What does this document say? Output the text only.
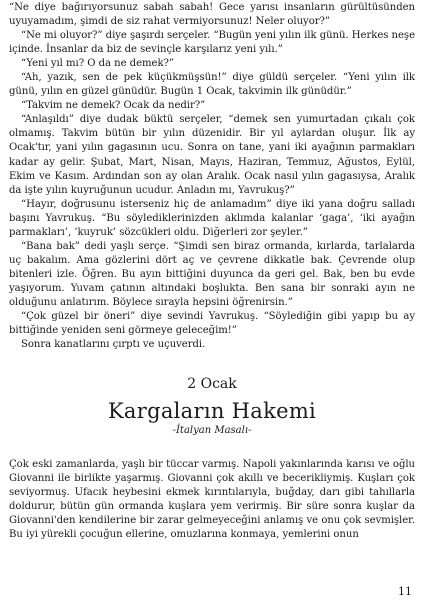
“Ne diye bağırıyorsunuz sabah sabah! Gece yarısı insanların gürültüsünden uyuyamadım, şimdi de siz rahat vermiyorsunuz! Neler oluyor?”

“Ne mi oluyor?” diye şaşırdı serçeler. “Bugün yeni yılın ilk günü. Herkes neşe içinde. İnsanlar da biz de sevinçle karşılarız yeni yılı.”

“Yeni yıl mı? O da ne demek?”

“Ah, yazık, sen de pek küçükmüşsün!” diye güldü serçeler. “Yeni yılın ilk günü, yılın en güzel günüdür. Bugün 1 Ocak, takvimin ilk günüdür.”

“Takvim ne demek? Ocak da nedir?”

“Anlaşıldı” diye dudak büktü serçeler, “demek sen yumurtadan çıkalı çok olmamış. Takvim bütün bir yılın düzenidir. Bir yıl aylardan oluşur. İlk ay Ocak'tır, yani yılın gagasının ucu. Sonra on tane, yani iki ayağının parmakları kadar ay gelir. Şubat, Mart, Nisan, Mayıs, Haziran, Temmuz, Ağustos, Eylül, Ekim ve Kasım. Ardından son ay olan Aralık. Ocak nasıl yılın gagasıysa, Aralık da işte yılın kuyruğunun ucudur. Anladın mı, Yavrukuş?”

“Hayır, doğrusunu isterseniz hiç de anlamadım” diye iki yana doğru salladı başını Yavrukuş. “Bu söylediklerinizden aklımda kalanlar ‘gaga’, ‘iki ayağın parmakları’, ‘kuyruk’ sözcükleri oldu. Diğerleri zor şeyler.”

“Bana bak” dedi yaşlı serçe. “Şimdi sen biraz ormanda, kırlarda, tarlalarda uç bakalım. Ama gözlerini dört aç ve çevrene dikkatle bak. Çevrende olup bitenleri izle. Öğren. Bu ayın bittiğini duyunca da geri gel. Bak, ben bu evde yaşıyorum. Yuvam çatının altındaki boşlukta. Ben sana bir sonraki ayın ne olduğunu anlatırım. Böylece sırayla hepsini öğrenirsin.”

“Çok güzel bir öneri” diye sevindi Yavrukuş. “Söylediğin gibi yapıp bu ay bittiğinde yeniden seni görmeye geleceğim!”

Sonra kanatlarını çırptı ve uçuverdi.

2 Ocak
Kargaların Hakemi
-İtalyan Masalı-

Çok eski zamanlarda, yaşlı bir tüccar varmış. Napoli yakınlarında karısı ve oğlu Giovanni ile birlikte yaşarmış. Giovanni çok akıllı ve becerikliymiş. Kuşları çok seviyormuş. Ufacık heybesini ekmek kırıntılarıyla, buğday, darı gibi tahıllarla doldurur, bütün gün ormanda kuşlara yem verirmiş. Bir süre sonra kuşlar da Giovanni'den kendilerine bir zarar gelmeyeceğini anlamış ve onu çok sevmişler. Bu iyi yürekli çocuğun ellerine, omuzlarına konmaya, yemlerini onun

11
